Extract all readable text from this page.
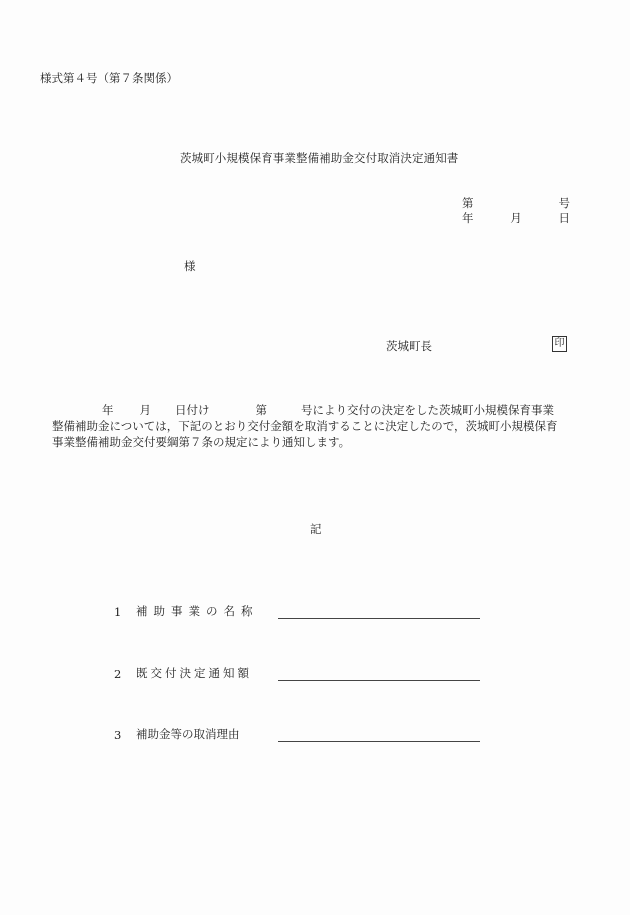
様式第４号（第７条関係）
茨城町小規模保育事業整備補助金交付取消決定通知書
第	号
年	月	日
様
茨城町長	印
年 月 日付け	第	号により交付の決定をした茨城町小規模保育事業
整備補助金については，下記のとおり交付金額を取消することに決定したので，茨城町小規模保育
事業整備補助金交付要綱第７条の規定により通知します。
記
1	補助事業の名称
2	既交付決定通知額
3	補助金等の取消理由
